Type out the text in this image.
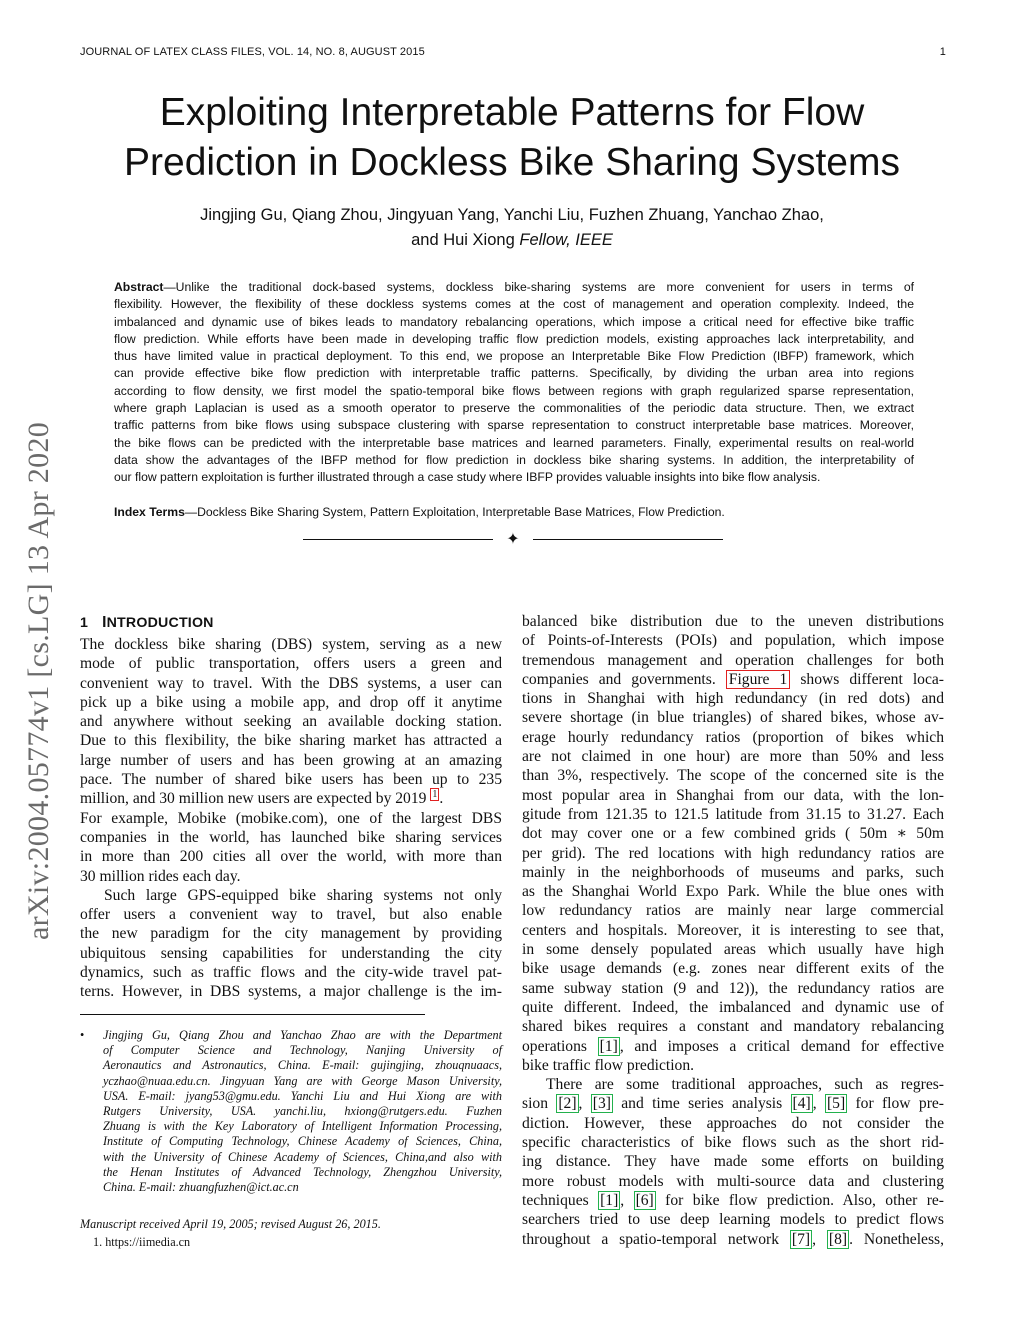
JOURNAL OF LATEX CLASS FILES, VOL. 14, NO. 8, AUGUST 2015	1
Exploiting Interpretable Patterns for Flow
Prediction in Dockless Bike Sharing Systems
Jingjing Gu, Qiang Zhou, Jingyuan Yang, Yanchi Liu, Fuzhen Zhuang, Yanchao Zhao,
and Hui Xiong Fellow, IEEE
Abstract—Unlike the traditional dock-based systems, dockless bike-sharing systems are more convenient for users in terms of
flexibility. However, the flexibility of these dockless systems comes at the cost of management and operation complexity. Indeed, the
imbalanced and dynamic use of bikes leads to mandatory rebalancing operations, which impose a critical need for effective bike traffic
flow prediction. While efforts have been made in developing traffic flow prediction models, existing approaches lack interpretability, and
thus have limited value in practical deployment. To this end, we propose an Interpretable Bike Flow Prediction (IBFP) framework, which
can provide effective bike flow prediction with interpretable traffic patterns. Specifically, by dividing the urban area into regions
according to flow density, we first model the spatio-temporal bike flows between regions with graph regularized sparse representation,
where graph Laplacian is used as a smooth operator to preserve the commonalities of the periodic data structure. Then, we extract
traffic patterns from bike flows using subspace clustering with sparse representation to construct interpretable base matrices. Moreover,
the bike flows can be predicted with the interpretable base matrices and learned parameters. Finally, experimental results on real-world
data show the advantages of the IBFP method for flow prediction in dockless bike sharing systems. In addition, the interpretability of
our flow pattern exploitation is further illustrated through a case study where IBFP provides valuable insights into bike flow analysis.
Index Terms—Dockless Bike Sharing System, Pattern Exploitation, Interpretable Base Matrices, Flow Prediction.
✦
arXiv:2004.05774v1 [cs.LG] 13 Apr 2020 1 INTRODUCTION
The dockless bike sharing (DBS) system, serving as a new
mode of public transportation, offers users a green and
convenient way to travel. With the DBS systems, a user can
pick up a bike using a mobile app, and drop off it anytime
and anywhere without seeking an available docking station.
Due to this flexibility, the bike sharing market has attracted a
large number of users and has been growing at an amazing
pace. The number of shared bike users has been up to 235
million, and 30 million new users are expected by 2019 $^1$ .
For example, Mobike (mobike.com), one of the largest DBS
companies in the world, has launched bike sharing services
in more than 200 cities all over the world, with more than
30 million rides each day.
Such large GPS-equipped bike sharing systems not only
offer users a convenient way to travel, but also enable
the new paradigm for the city management by providing
ubiquitous sensing capabilities for understanding the city
dynamics, such as traffic flows and the city-wide travel pat-
terns. However, in DBS systems, a major challenge is the im-
• Jingjing Gu, Qiang Zhou and Yanchao Zhao are with the Department
of Computer Science and Technology, Nanjing University of
Aeronautics and Astronautics, China. E-mail: gujingjing, zhouqnuaacs,
yczhao@nuaa.edu.cn. Jingyuan Yang are with George Mason University,
USA. E-mail: jyang53@gmu.edu. Yanchi Liu and Hui Xiong are with
Rutgers University, USA. yanchi.liu, hxiong@rutgers.edu. Fuzhen
Zhuang is with the Key Laboratory of Intelligent Information Processing,
Institute of Computing Technology, Chinese Academy of Sciences, China,
with the University of Chinese Academy of Sciences, China,and also with
the Henan Institutes of Advanced Technology, Zhengzhou University,
China. E-mail: zhuangfuzhen@ict.ac.cn
Manuscript received April 19, 2005; revised August 26, 2015.
1. https://iimedia.cn
balanced bike distribution due to the uneven distributions
of Points-of-Interests (POIs) and population, which impose
tremendous management and operation challenges for both
companies and governments. Figure 1 shows different loca-
tions in Shanghai with high redundancy (in red dots) and
severe shortage (in blue triangles) of shared bikes, whose av-
erage hourly redundancy ratios (proportion of bikes which
are not claimed in one hour) are more than 50% and less
than 3%, respectively. The scope of the concerned site is the
most popular area in Shanghai from our data, with the lon-
gitude from 121.35 to 121.5 latitude from 31.15 to 31.27. Each
dot may cover one or a few combined grids ( 50m ∗ 50m
per grid). The red locations with high redundancy ratios are
mainly in the neighborhoods of museums and parks, such
as the Shanghai World Expo Park. While the blue ones with
low redundancy ratios are mainly near large commercial
centers and hospitals. Moreover, it is interesting to see that,
in some densely populated areas which usually have high
bike usage demands (e.g. zones near different exits of the
same subway station (9 and 12)), the redundancy ratios are
quite different. Indeed, the imbalanced and dynamic use of
shared bikes requires a constant and mandatory rebalancing
operations [1] , and imposes a critical demand for effective
bike traffic flow prediction.
There are some traditional approaches, such as regres-
sion [2] , [3] and time series analysis [4] , [5] for flow pre-
diction. However, these approaches do not consider the
specific characteristics of bike flows such as the short rid-
ing distance. They have made some efforts on building
more robust models with multi-source data and clustering
techniques [1] , [6] for bike flow prediction. Also, other re-
searchers tried to use deep learning models to predict flows
throughout a spatio-temporal network [7] , [8] . Nonetheless,
